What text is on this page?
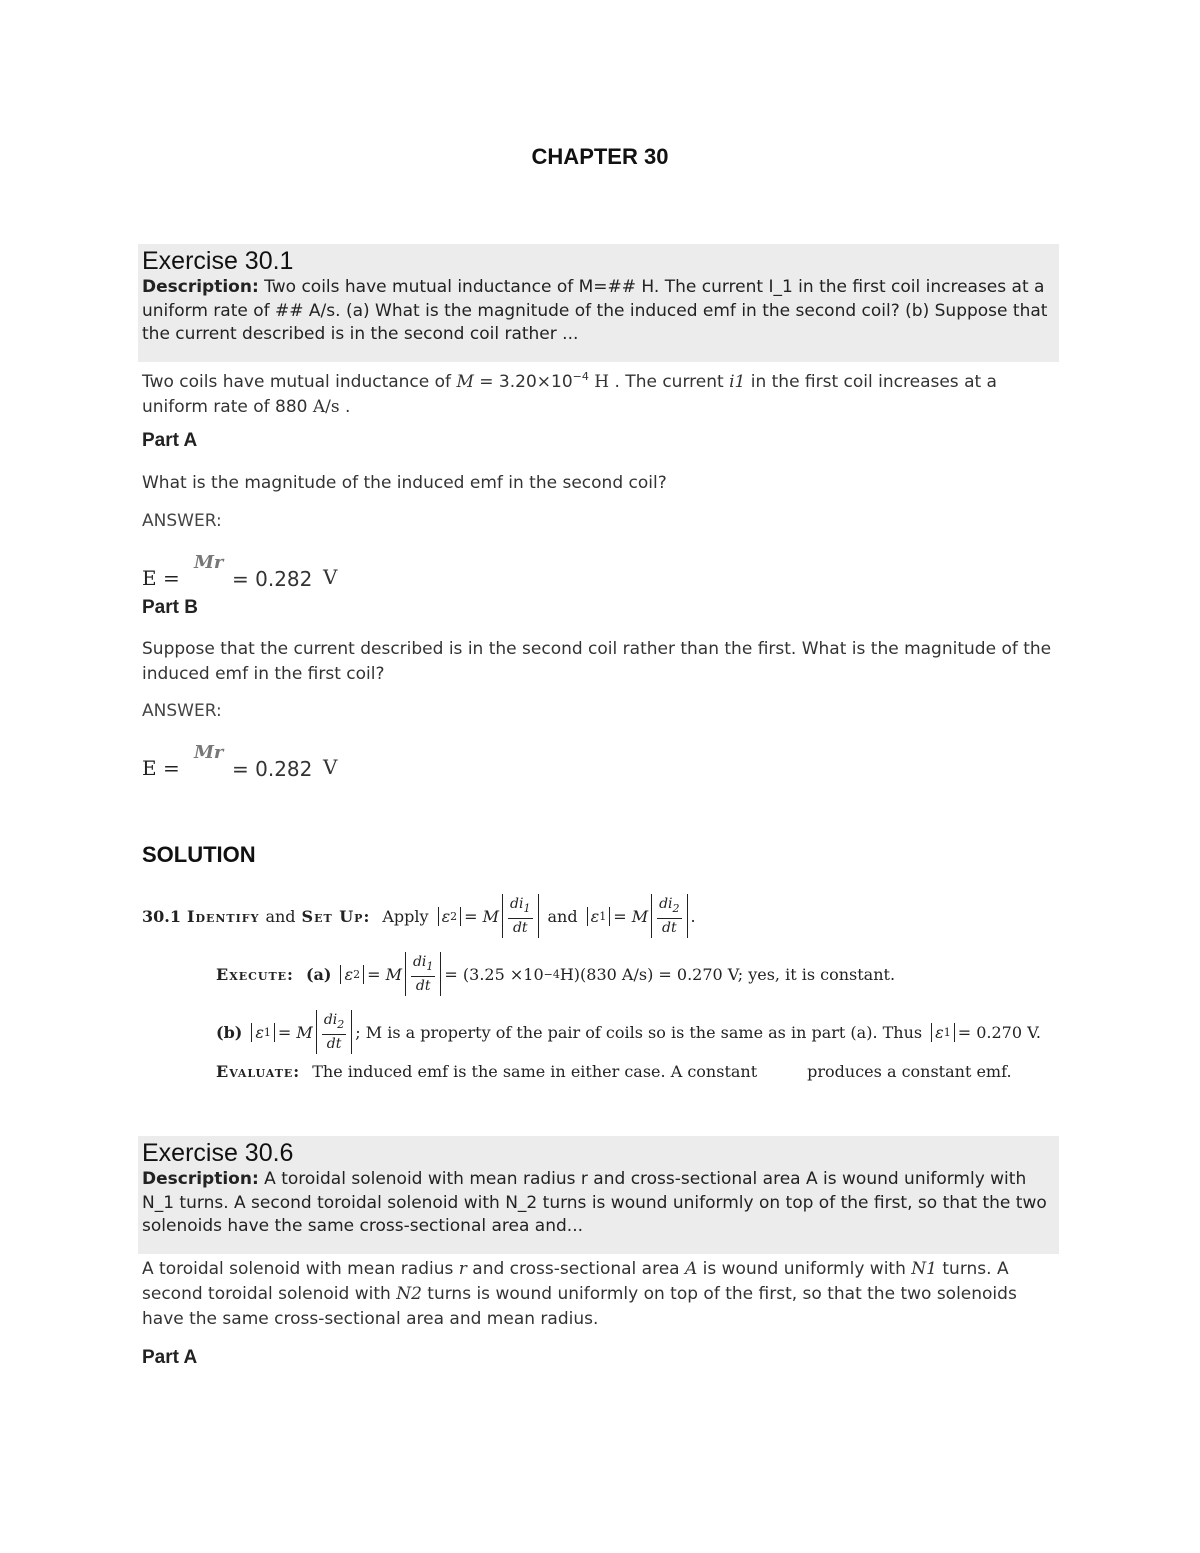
CHAPTER 30
Exercise 30.1
Description: Two coils have mutual inductance of M=## H. The current I_1 in the first coil increases at a uniform rate of ## A/s. (a) What is the magnitude of the induced emf in the second coil? (b) Suppose that the current described is in the second coil rather ...
Two coils have mutual inductance of $M = 3.20\times 10^{-4}$ H . The current i1 in the first coil increases at a uniform rate of 880 A/s .
Part A
What is the magnitude of the induced emf in the second coil?
ANSWER:
E =
Mr
= 0.282 V
Part B
Suppose that the current described is in the second coil rather than the first. What is the magnitude of the induced emf in the first coil?
ANSWER:
E =
Mr
= 0.282 V
SOLUTION
30.1 Identify and Set Up: Apply ε 2 = M $\frac{di_1}{dt}$ and ε 1 = M $\frac{di_2}{dt}$ .
Execute: (a) ε 2 = M $\frac{di_1}{dt} = (3.25 \times 10 -4$ H)(830 A/s) = 0.270 V; yes, it is constant.
(b) ε 1 = M $\frac{di_2}{dt}$ ; M is a property of the pair of coils so is the same as in part (a). Thus ε 1 = 0.270 V.
Evaluate: The induced emf is the same in either case. A constant	produces a constant emf.
Exercise 30.6
Description: A toroidal solenoid with mean radius r and cross-sectional area A is wound uniformly with N_1 turns. A second toroidal solenoid with N_2 turns is wound uniformly on top of the first, so that the two solenoids have the same cross-sectional area and...
A toroidal solenoid with mean radius r and cross-sectional area A is wound uniformly with N1 turns. A second toroidal solenoid with N2 turns is wound uniformly on top of the first, so that the two solenoids have the same cross-sectional area and mean radius.
Part A
